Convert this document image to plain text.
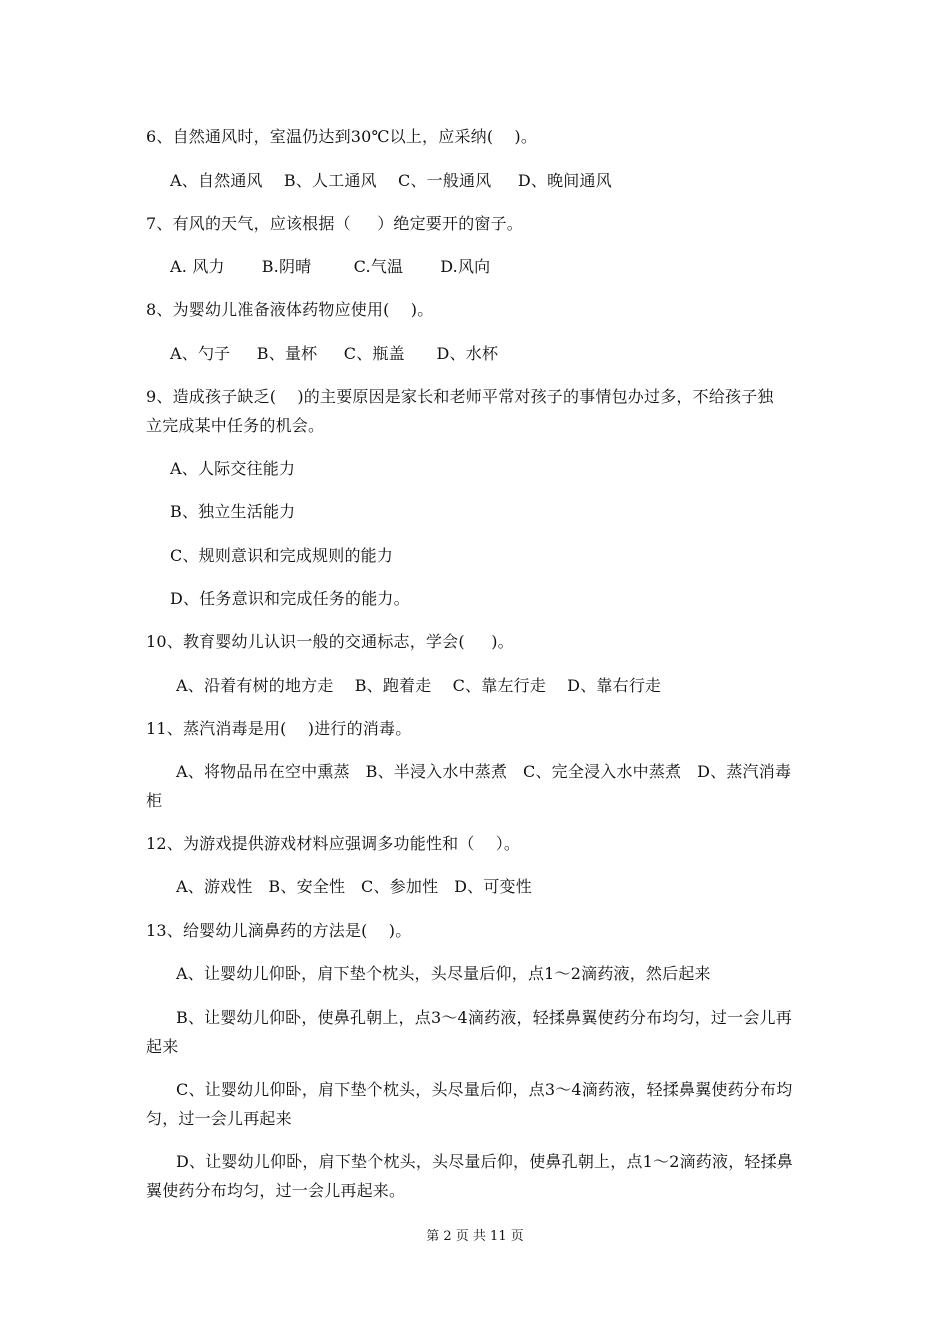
6、自然通风时，室温仍达到30℃以上，应采纳(    )。
A、自然通风    B、人工通风    C、一般通风     D、晚间通风
7、有风的天气，应该根据（     ）绝定要开的窗子。
A. 风力       B.阴晴        C.气温       D.风向
8、为婴幼儿准备液体药物应使用(    )。
A、勺子     B、量杯     C、瓶盖      D、水杯
9、造成孩子缺乏(    )的主要原因是家长和老师平常对孩子的事情包办过多，不给孩子独
立完成某中任务的机会。
A、人际交往能力
B、独立生活能力
C、规则意识和完成规则的能力
D、任务意识和完成任务的能力。
10、教育婴幼儿认识一般的交通标志，学会(     )。
A、沿着有树的地方走    B、跑着走    C、靠左行走    D、靠右行走
11、蒸汽消毒是用(    )进行的消毒。
A、将物品吊在空中熏蒸   B、半浸入水中蒸煮   C、完全浸入水中蒸煮   D、蒸汽消毒
柜
12、为游戏提供游戏材料应强调多功能性和（    ）。
A、游戏性   B、安全性   C、参加性   D、可变性
13、给婴幼儿滴鼻药的方法是(    )。
A、让婴幼儿仰卧，肩下垫个枕头，头尽量后仰，点1～2滴药液，然后起来
B、让婴幼儿仰卧，使鼻孔朝上，点3～4滴药液，轻揉鼻翼使药分布均匀，过一会儿再
起来
C、让婴幼儿仰卧，肩下垫个枕头，头尽量后仰，点3～4滴药液，轻揉鼻翼使药分布均
匀，过一会儿再起来
D、让婴幼儿仰卧，肩下垫个枕头，头尽量后仰，使鼻孔朝上，点1～2滴药液，轻揉鼻
翼使药分布均匀，过一会儿再起来。
第 2 页 共 11 页
